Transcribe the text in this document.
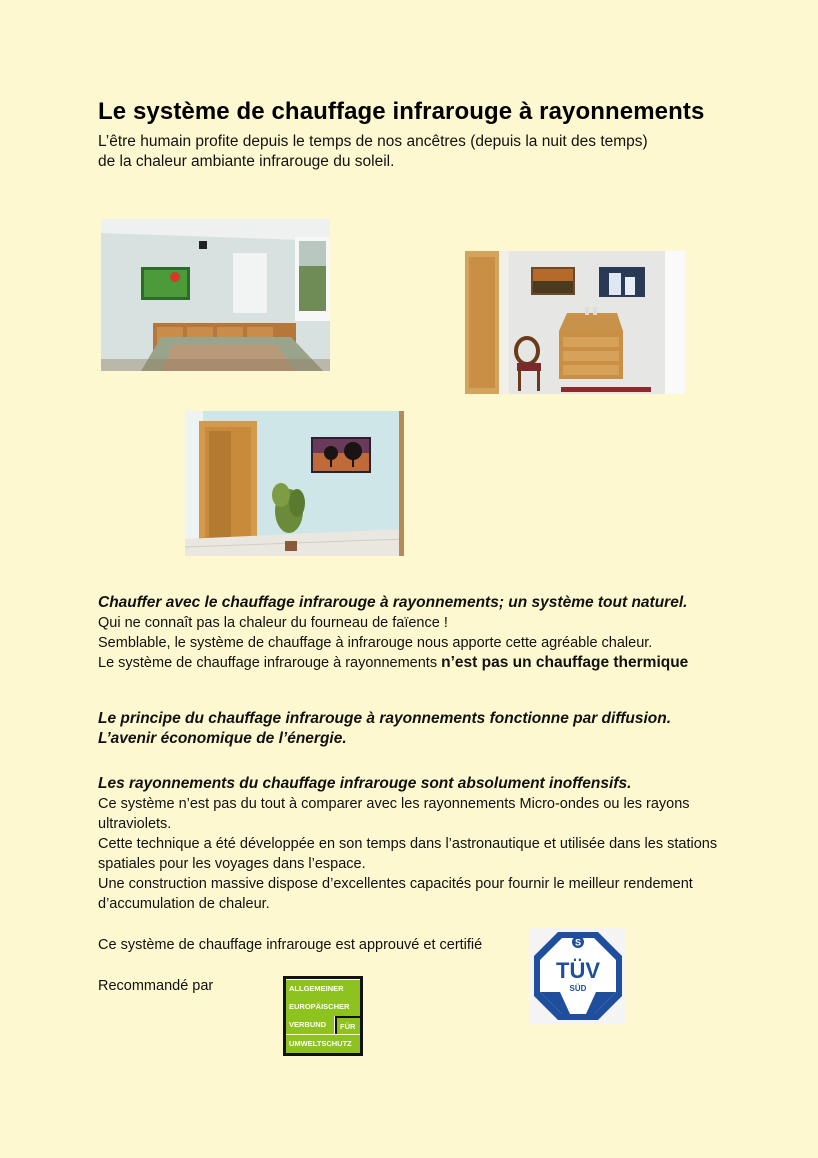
Le système de chauffage infrarouge à rayonnements
L’être humain profite depuis le temps de nos ancêtres (depuis la nuit des temps)
de la chaleur ambiante infrarouge du soleil.
Chauffer avec le chauffage infrarouge à rayonnements; un système tout naturel.
Qui ne connaît pas la chaleur du fourneau de faïence !
Semblable, le système de chauffage à infrarouge nous apporte cette agréable chaleur.
Le système de chauffage infrarouge à rayonnements n’est pas un chauffage thermique
Le principe du chauffage infrarouge à rayonnements fonctionne par diffusion.
L’avenir économique de l’énergie.
Les rayonnements du chauffage infrarouge sont absolument inoffensifs.
Ce système n’est pas du tout à comparer avec les rayonnements Micro-ondes ou les rayons
ultraviolets.
Cette technique a été développée en son temps dans l’astronautique et utilisée dans les stations
spatiales pour les voyages dans l’espace.
Une construction massive dispose d’excellentes capacités pour fournir le meilleur rendement
d’accumulation de chaleur.
Ce système de chauffage infrarouge est approuvé et certifié
Recommandé par	ALLGEMEINER
EUROPÄISCHER
VERBUND	FÜR
UMWELTSCHUTZ
S
TÜV
SÜD
